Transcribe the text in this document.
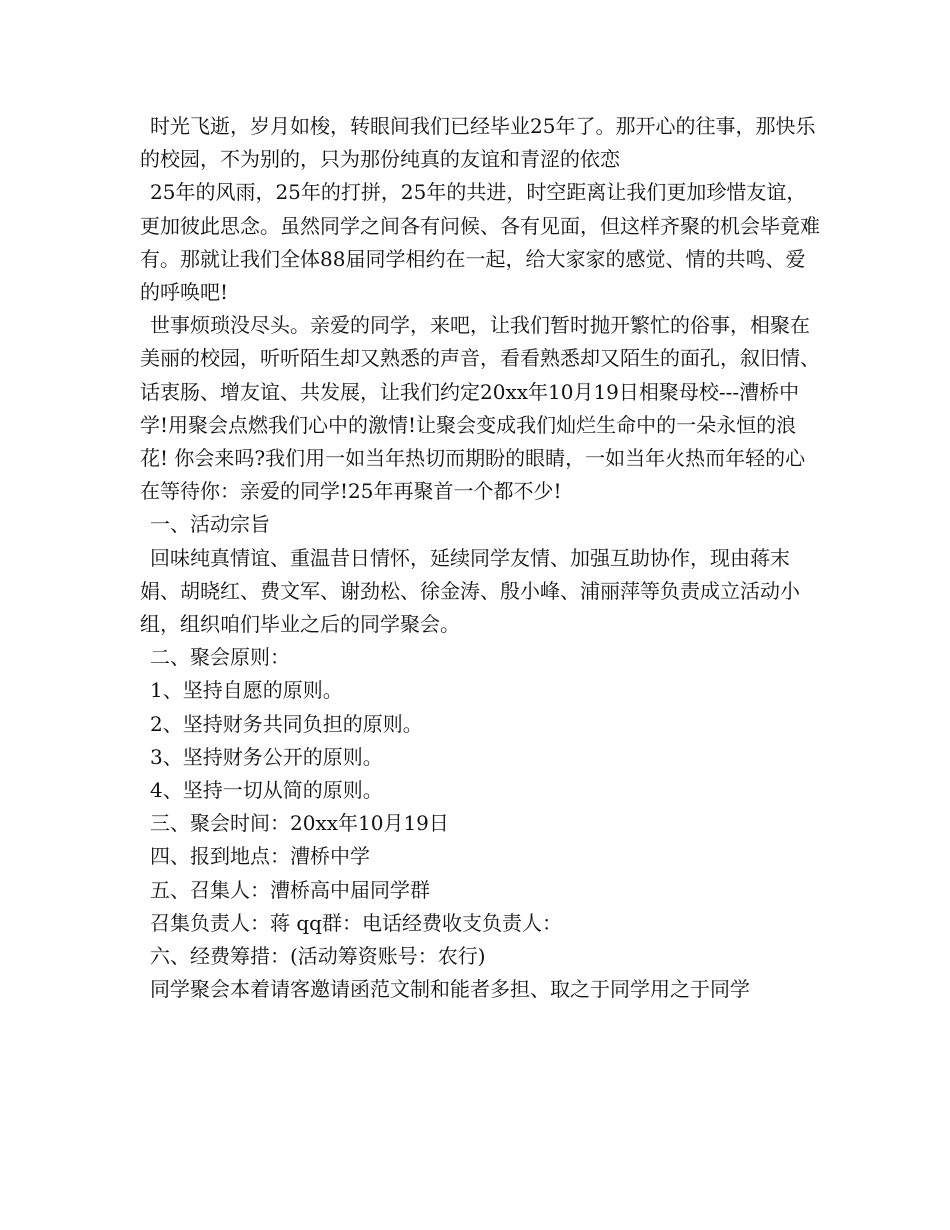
时光飞逝，岁月如梭，转眼间我们已经毕业25年了。那开心的往事，那快乐的校园，不为别的，只为那份纯真的友谊和青涩的依恋

25年的风雨，25年的打拼，25年的共进，时空距离让我们更加珍惜友谊，更加彼此思念。虽然同学之间各有问候、各有见面，但这样齐聚的机会毕竟难有。那就让我们全体88届同学相约在一起，给大家家的感觉、情的共鸣、爱的呼唤吧!

世事烦琐没尽头。亲爱的同学，来吧，让我们暂时抛开繁忙的俗事，相聚在美丽的校园，听听陌生却又熟悉的声音，看看熟悉却又陌生的面孔，叙旧情、话衷肠、增友谊、共发展，让我们约定20xx年10月19日相聚母校---漕桥中学!用聚会点燃我们心中的激情!让聚会变成我们灿烂生命中的一朵永恒的浪花! 你会来吗?我们用一如当年热切而期盼的眼睛，一如当年火热而年轻的心在等待你：亲爱的同学!25年再聚首一个都不少!

一、活动宗旨

回味纯真情谊、重温昔日情怀，延续同学友情、加强互助协作，现由蒋末娟、胡晓红、费文军、谢劲松、徐金涛、殷小峰、浦丽萍等负责成立活动小组，组织咱们毕业之后的同学聚会。

二、聚会原则：

1、坚持自愿的原则。

2、坚持财务共同负担的原则。

3、坚持财务公开的原则。

4、坚持一切从简的原则。

三、聚会时间：20xx年10月19日

四、报到地点：漕桥中学

五、召集人：漕桥高中届同学群

召集负责人：蒋 qq群：电话经费收支负责人：

六、经费筹措：(活动筹资账号：农行)

同学聚会本着请客邀请函范文制和能者多担、取之于同学用之于同学
